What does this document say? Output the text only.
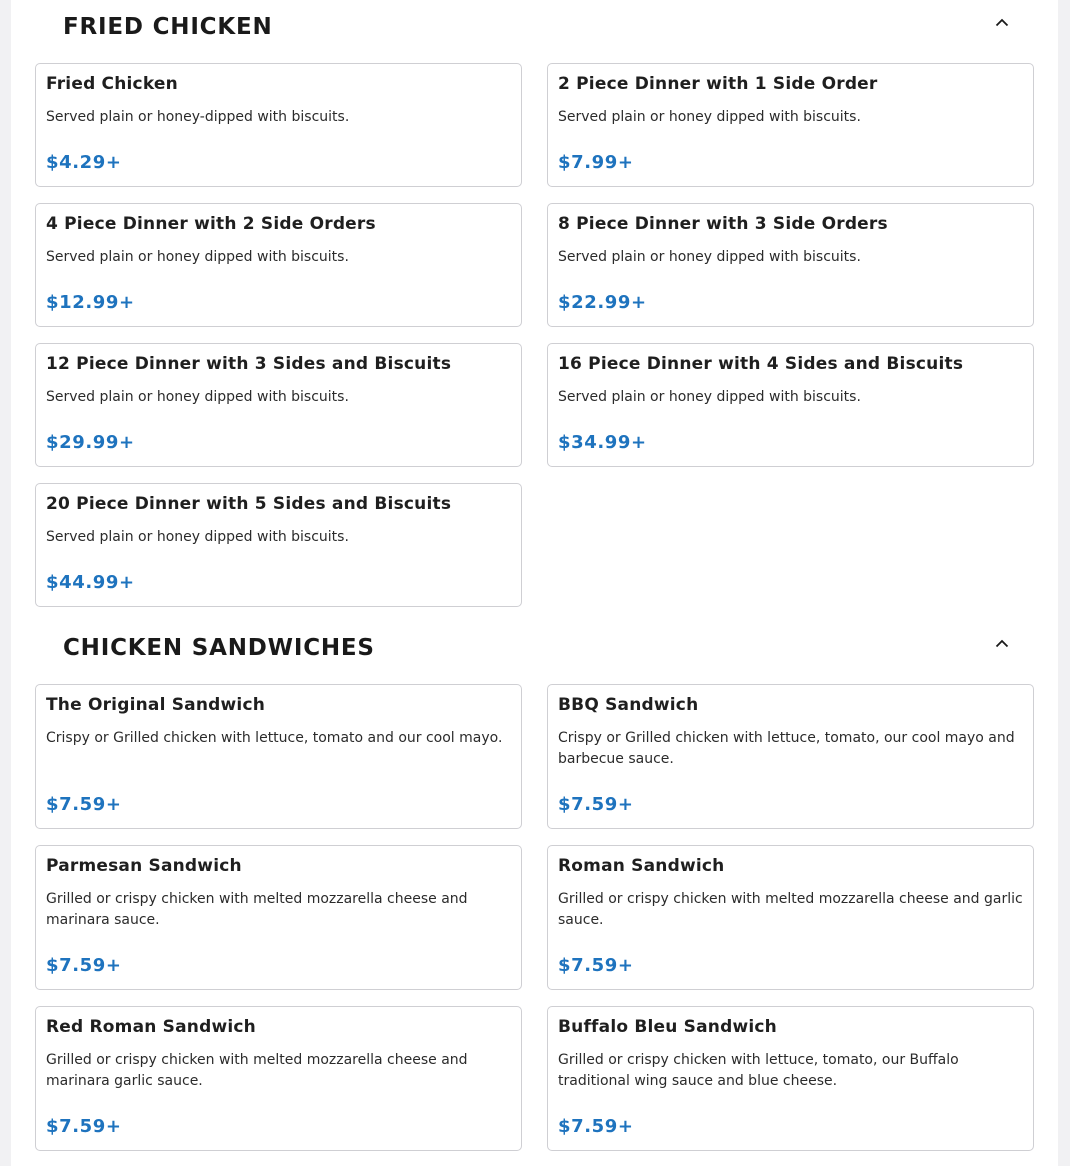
FRIED CHICKEN
Fried Chicken
Served plain or honey-dipped with biscuits.
$4.29+
2 Piece Dinner with 1 Side Order
Served plain or honey dipped with biscuits.
$7.99+
4 Piece Dinner with 2 Side Orders
Served plain or honey dipped with biscuits.
$12.99+
8 Piece Dinner with 3 Side Orders
Served plain or honey dipped with biscuits.
$22.99+
12 Piece Dinner with 3 Sides and Biscuits
Served plain or honey dipped with biscuits.
$29.99+
16 Piece Dinner with 4 Sides and Biscuits
Served plain or honey dipped with biscuits.
$34.99+
20 Piece Dinner with 5 Sides and Biscuits
Served plain or honey dipped with biscuits.
$44.99+
CHICKEN SANDWICHES
The Original Sandwich
Crispy or Grilled chicken with lettuce, tomato and our cool mayo.
$7.59+
BBQ Sandwich
Crispy or Grilled chicken with lettuce, tomato, our cool mayo and barbecue sauce.
$7.59+
Parmesan Sandwich
Grilled or crispy chicken with melted mozzarella cheese and marinara sauce.
$7.59+
Roman Sandwich
Grilled or crispy chicken with melted mozzarella cheese and garlic sauce.
$7.59+
Red Roman Sandwich
Grilled or crispy chicken with melted mozzarella cheese and marinara garlic sauce.
$7.59+
Buffalo Bleu Sandwich
Grilled or crispy chicken with lettuce, tomato, our Buffalo traditional wing sauce and blue cheese.
$7.59+
